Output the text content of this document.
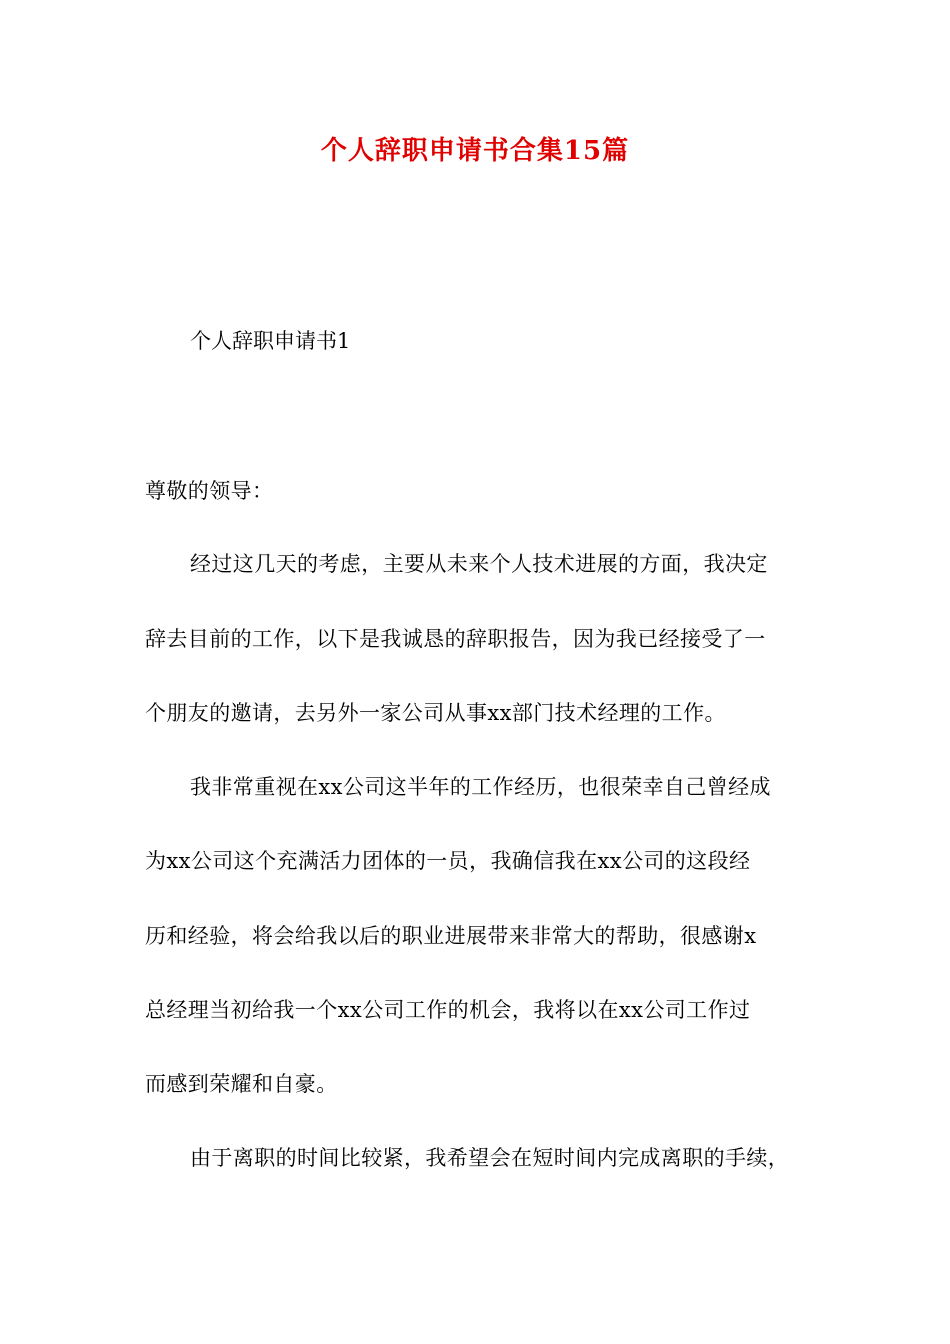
个人辞职申请书合集15篇
个人辞职申请书1
尊敬的领导：
经过这几天的考虑，主要从未来个人技术进展的方面，我决定
辞去目前的工作，以下是我诚恳的辞职报告，因为我已经接受了一
个朋友的邀请，去另外一家公司从事xx部门技术经理的工作。
我非常重视在xx公司这半年的工作经历，也很荣幸自己曾经成
为xx公司这个充满活力团体的一员，我确信我在xx公司的这段经
历和经验，将会给我以后的职业进展带来非常大的帮助，很感谢x
总经理当初给我一个xx公司工作的机会，我将以在xx公司工作过
而感到荣耀和自豪。
由于离职的时间比较紧，我希望会在短时间内完成离职的手续，
